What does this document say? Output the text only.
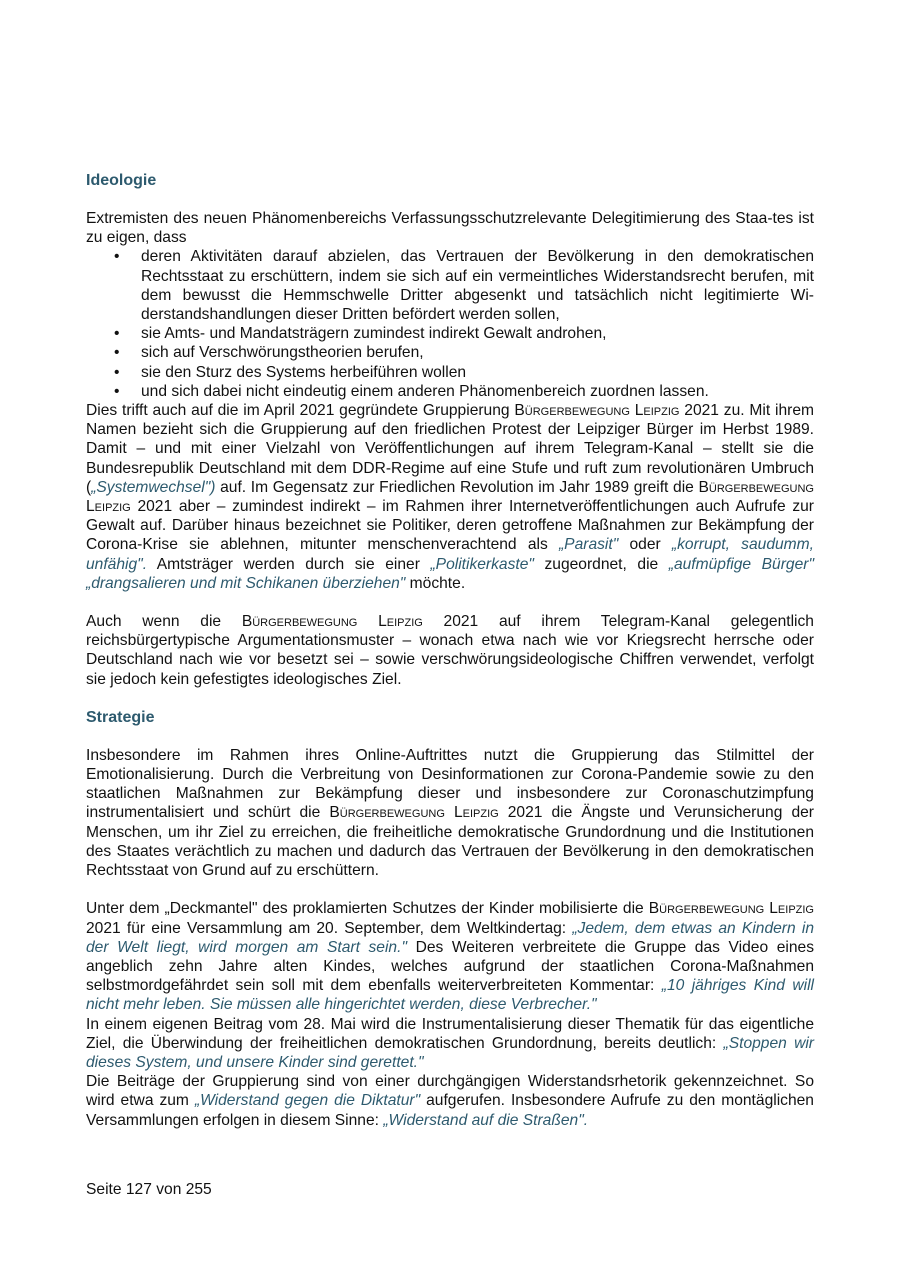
Ideologie

Extremisten des neuen Phänomenbereichs Verfassungsschutzrelevante Delegitimierung des Staa-tes ist zu eigen, dass

• deren Aktivitäten darauf abzielen, das Vertrauen der Bevölkerung in den demokratischen Rechtsstaat zu erschüttern, indem sie sich auf ein vermeintliches Widerstandsrecht berufen, mit dem bewusst die Hemmschwelle Dritter abgesenkt und tatsächlich nicht legitimierte Wi-derstandshandlungen dieser Dritten befördert werden sollen,
• sie Amts- und Mandatsträgern zumindest indirekt Gewalt androhen,
• sich auf Verschwörungstheorien berufen,
• sie den Sturz des Systems herbeiführen wollen
• und sich dabei nicht eindeutig einem anderen Phänomenbereich zuordnen lassen.

Dies trifft auch auf die im April 2021 gegründete Gruppierung Bürgerbewegung Leipzig 2021 zu. Mit ihrem Namen bezieht sich die Gruppierung auf den friedlichen Protest der Leipziger Bürger im Herbst 1989. Damit – und mit einer Vielzahl von Veröffentlichungen auf ihrem Telegram-Kanal – stellt sie die Bundesrepublik Deutschland mit dem DDR-Regime auf eine Stufe und ruft zum revolutionären Umbruch („Systemwechsel") auf. Im Gegensatz zur Friedlichen Revolution im Jahr 1989 greift die Bürgerbewegung Leipzig 2021 aber – zumindest indirekt – im Rahmen ihrer Internetveröffentlichungen auch Aufrufe zur Gewalt auf. Darüber hinaus bezeichnet sie Politiker, deren getroffene Maßnahmen zur Bekämpfung der Corona-Krise sie ablehnen, mitunter menschenverachtend als „Parasit" oder „korrupt, saudumm, unfähig". Amtsträger werden durch sie einer „Politikerkaste" zugeordnet, die „aufmüpfige Bürger" „drangsalieren und mit Schikanen überziehen" möchte.

Auch wenn die Bürgerbewegung Leipzig 2021 auf ihrem Telegram-Kanal gelegentlich reichsbürgertypische Argumentationsmuster – wonach etwa nach wie vor Kriegsrecht herrsche oder Deutschland nach wie vor besetzt sei – sowie verschwörungsideologische Chiffren verwendet, verfolgt sie jedoch kein gefestigtes ideologisches Ziel.

Strategie

Insbesondere im Rahmen ihres Online-Auftrittes nutzt die Gruppierung das Stilmittel der Emotionalisierung. Durch die Verbreitung von Desinformationen zur Corona-Pandemie sowie zu den staatlichen Maßnahmen zur Bekämpfung dieser und insbesondere zur Coronaschutzimpfung instrumentalisiert und schürt die Bürgerbewegung Leipzig 2021 die Ängste und Verunsicherung der Menschen, um ihr Ziel zu erreichen, die freiheitliche demokratische Grundordnung und die Institutionen des Staates verächtlich zu machen und dadurch das Vertrauen der Bevölkerung in den demokratischen Rechtsstaat von Grund auf zu erschüttern.

Unter dem „Deckmantel" des proklamierten Schutzes der Kinder mobilisierte die Bürgerbewegung Leipzig 2021 für eine Versammlung am 20. September, dem Weltkindertag: „Jedem, dem etwas an Kindern in der Welt liegt, wird morgen am Start sein." Des Weiteren verbreitete die Gruppe das Video eines angeblich zehn Jahre alten Kindes, welches aufgrund der staatlichen Corona-Maßnahmen selbstmordgefährdet sein soll mit dem ebenfalls weiterverbreiteten Kommentar: „10 jähriges Kind will nicht mehr leben. Sie müssen alle hingerichtet werden, diese Verbrecher."

In einem eigenen Beitrag vom 28. Mai wird die Instrumentalisierung dieser Thematik für das eigentliche Ziel, die Überwindung der freiheitlichen demokratischen Grundordnung, bereits deutlich: „Stoppen wir dieses System, und unsere Kinder sind gerettet."

Die Beiträge der Gruppierung sind von einer durchgängigen Widerstandsrhetorik gekennzeichnet. So wird etwa zum „Widerstand gegen die Diktatur" aufgerufen. Insbesondere Aufrufe zu den montäglichen Versammlungen erfolgen in diesem Sinne: „Widerstand auf die Straßen".

Seite 127 von 255
